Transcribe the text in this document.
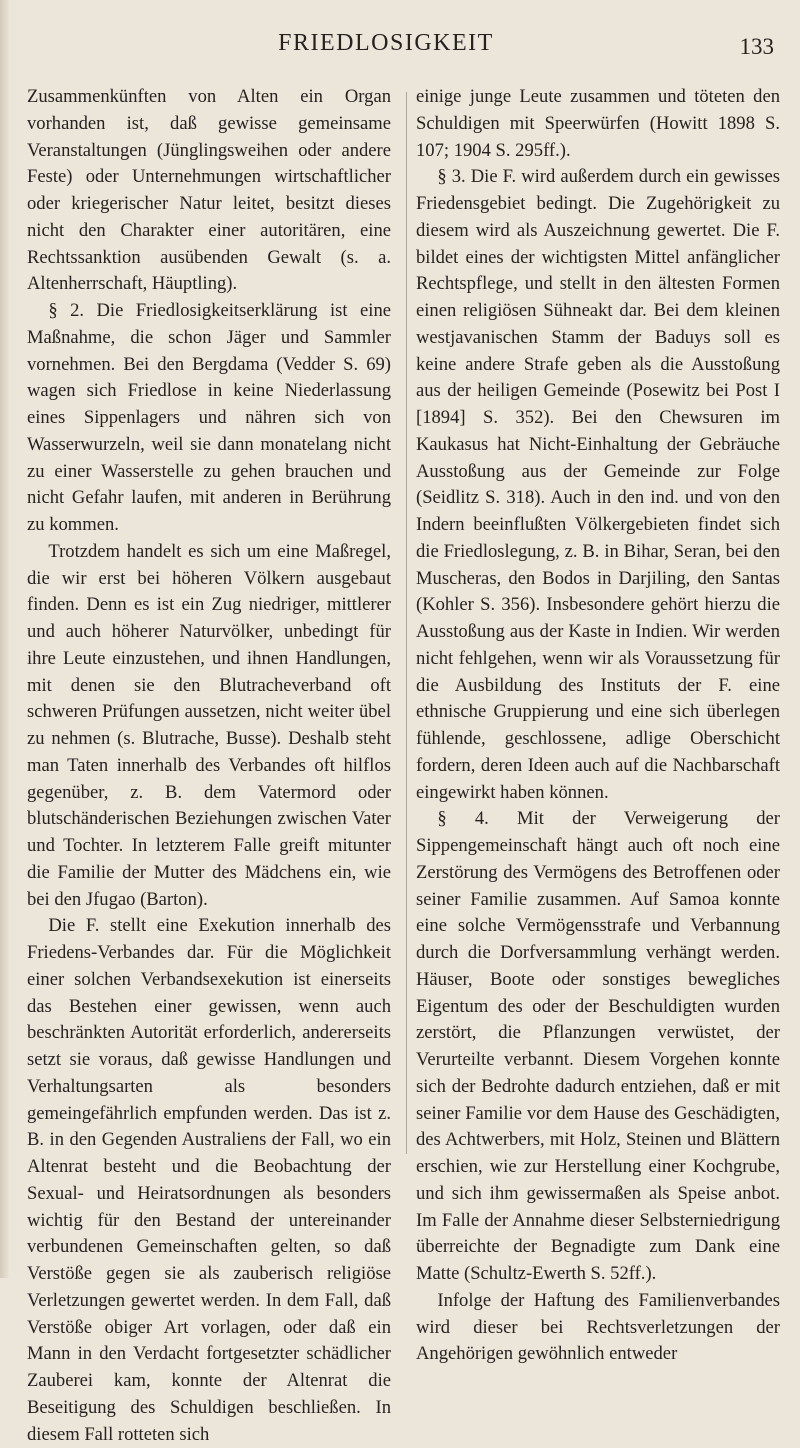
FRIEDLOSIGKEIT	133

Zusammenkünften von Alten ein Organ vorhanden ist, daß gewisse gemeinsame Veranstaltungen (Jünglingsweihen oder andere Feste) oder Unternehmungen wirtschaftlicher oder kriegerischer Natur leitet, besitzt dieses nicht den Charakter einer autoritären, eine Rechtssanktion ausübenden Gewalt (s. a. Altenherrschaft, Häuptling).

§ 2. Die Friedlosigkeitserklärung ist eine Maßnahme, die schon Jäger und Sammler vornehmen. Bei den Bergdama (Vedder S. 69) wagen sich Friedlose in keine Niederlassung eines Sippenlagers und nähren sich von Wasserwurzeln, weil sie dann monatelang nicht zu einer Wasserstelle zu gehen brauchen und nicht Gefahr laufen, mit anderen in Berührung zu kommen.

Trotzdem handelt es sich um eine Maßregel, die wir erst bei höheren Völkern ausgebaut finden. Denn es ist ein Zug niedriger, mittlerer und auch höherer Naturvölker, unbedingt für ihre Leute einzustehen, und ihnen Handlungen, mit denen sie den Blutracheverband oft schweren Prüfungen aussetzen, nicht weiter übel zu nehmen (s. Blutrache, Busse). Deshalb steht man Taten innerhalb des Verbandes oft hilflos gegenüber, z. B. dem Vatermord oder blutschänderischen Beziehungen zwischen Vater und Tochter. In letzterem Falle greift mitunter die Familie der Mutter des Mädchens ein, wie bei den Jfugao (Barton).

Die F. stellt eine Exekution innerhalb des Friedens-Verbandes dar. Für die Möglichkeit einer solchen Verbandsexekution ist einerseits das Bestehen einer gewissen, wenn auch beschränkten Autorität erforderlich, andererseits setzt sie voraus, daß gewisse Handlungen und Verhaltungsarten als besonders gemeingefährlich empfunden werden. Das ist z. B. in den Gegenden Australiens der Fall, wo ein Altenrat besteht und die Beobachtung der Sexual- und Heiratsordnungen als besonders wichtig für den Bestand der untereinander verbundenen Gemeinschaften gelten, so daß Verstöße gegen sie als zauberisch religiöse Verletzungen gewertet werden. In dem Fall, daß Verstöße obiger Art vorlagen, oder daß ein Mann in den Verdacht fortgesetzter schädlicher Zauberei kam, konnte der Altenrat die Beseitigung des Schuldigen beschließen. In diesem Fall rotteten sich

einige junge Leute zusammen und töteten den Schuldigen mit Speerwürfen (Howitt 1898 S. 107; 1904 S. 295ff.).

§ 3. Die F. wird außerdem durch ein gewisses Friedensgebiet bedingt. Die Zugehörigkeit zu diesem wird als Auszeichnung gewertet. Die F. bildet eines der wichtigsten Mittel anfänglicher Rechtspflege, und stellt in den ältesten Formen einen religiösen Sühneakt dar. Bei dem kleinen westjavanischen Stamm der Baduys soll es keine andere Strafe geben als die Ausstoßung aus der heiligen Gemeinde (Posewitz bei Post I [1894] S. 352). Bei den Chewsuren im Kaukasus hat Nicht-Einhaltung der Gebräuche Ausstoßung aus der Gemeinde zur Folge (Seidlitz S. 318). Auch in den ind. und von den Indern beeinflußten Völkergebieten findet sich die Friedloslegung, z. B. in Bihar, Seran, bei den Muscheras, den Bodos in Darjiling, den Santas (Kohler S. 356). Insbesondere gehört hierzu die Ausstoßung aus der Kaste in Indien. Wir werden nicht fehlgehen, wenn wir als Voraussetzung für die Ausbildung des Instituts der F. eine ethnische Gruppierung und eine sich überlegen fühlende, geschlossene, adlige Oberschicht fordern, deren Ideen auch auf die Nachbarschaft eingewirkt haben können.

§ 4. Mit der Verweigerung der Sippengemeinschaft hängt auch oft noch eine Zerstörung des Vermögens des Betroffenen oder seiner Familie zusammen. Auf Samoa konnte eine solche Vermögensstrafe und Verbannung durch die Dorfversammlung verhängt werden. Häuser, Boote oder sonstiges bewegliches Eigentum des oder der Beschuldigten wurden zerstört, die Pflanzungen verwüstet, der Verurteilte verbannt. Diesem Vorgehen konnte sich der Bedrohte dadurch entziehen, daß er mit seiner Familie vor dem Hause des Geschädigten, des Achtwerbers, mit Holz, Steinen und Blättern erschien, wie zur Herstellung einer Kochgrube, und sich ihm gewissermaßen als Speise anbot. Im Falle der Annahme dieser Selbsterniedrigung überreichte der Begnadigte zum Dank eine Matte (Schultz-Ewerth S. 52ff.).

Infolge der Haftung des Familienverbandes wird dieser bei Rechtsverletzungen der Angehörigen gewöhnlich entweder
